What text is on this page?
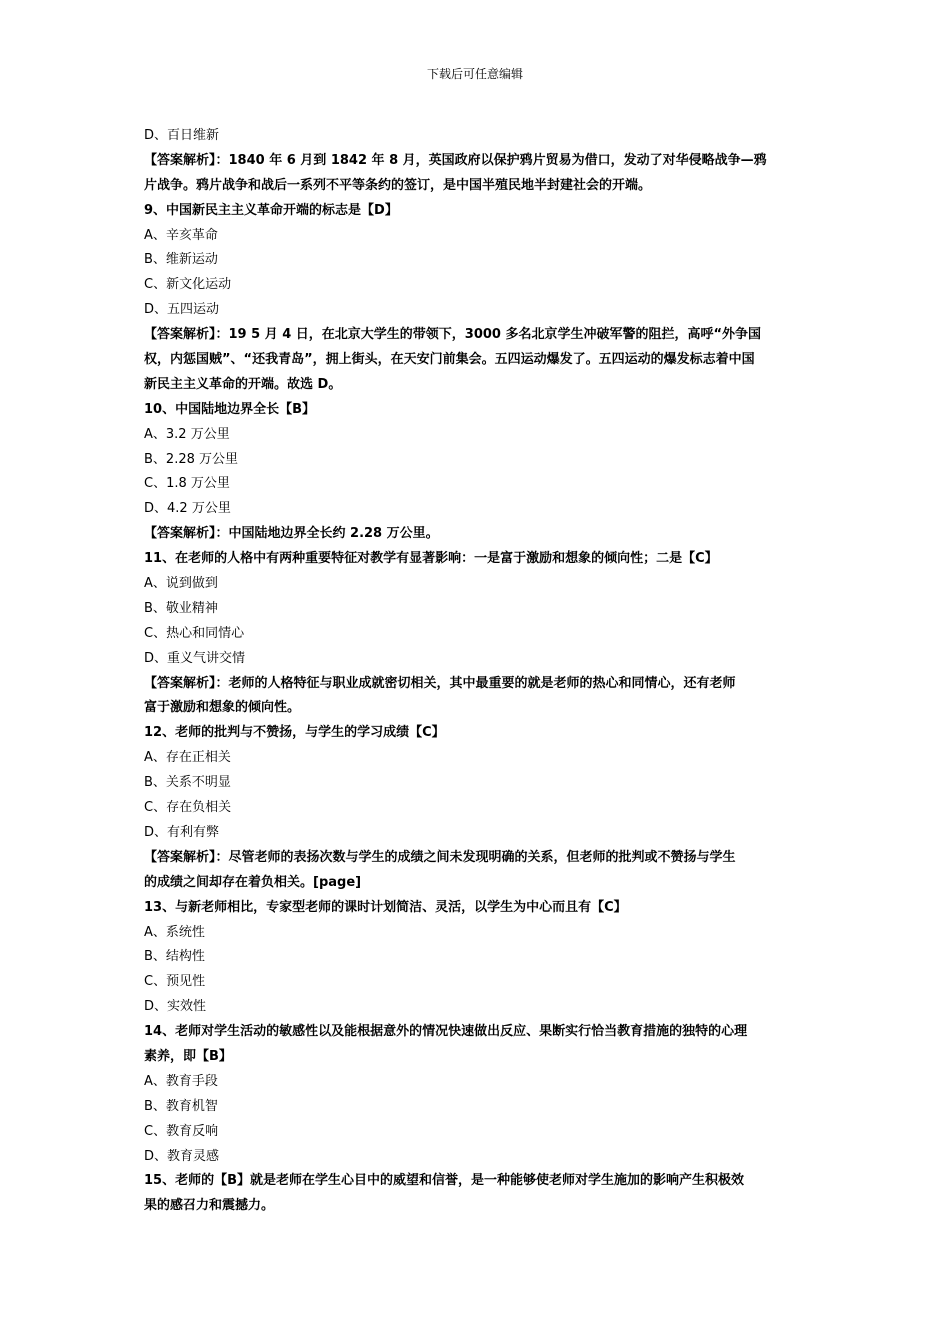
下载后可任意编辑
D、百日维新
【答案解析】：1840 年 6 月到 1842 年 8 月，英国政府以保护鸦片贸易为借口，发动了对华侵略战争—鸦
片战争。鸦片战争和战后一系列不平等条约的签订，是中国半殖民地半封建社会的开端。
9、中国新民主主义革命开端的标志是【D】
A、辛亥革命
B、维新运动
C、新文化运动
D、五四运动
【答案解析】：19 5 月 4 日，在北京大学生的带领下，3000 多名北京学生冲破军警的阻拦，高呼“外争国
权，内惩国贼”、“还我青岛”，拥上街头，在天安门前集会。五四运动爆发了。五四运动的爆发标志着中国
新民主主义革命的开端。故选 D。
10、中国陆地边界全长【B】
A、3.2 万公里
B、2.28 万公里
C、1.8 万公里
D、4.2 万公里
【答案解析】：中国陆地边界全长约 2.28 万公里。
11、在老师的人格中有两种重要特征对教学有显著影响：一是富于激励和想象的倾向性；二是【C】
A、说到做到
B、敬业精神
C、热心和同情心
D、重义气讲交情
【答案解析】：老师的人格特征与职业成就密切相关，其中最重要的就是老师的热心和同情心，还有老师
富于激励和想象的倾向性。
12、老师的批判与不赞扬，与学生的学习成绩【C】
A、存在正相关
B、关系不明显
C、存在负相关
D、有利有弊
【答案解析】：尽管老师的表扬次数与学生的成绩之间未发现明确的关系，但老师的批判或不赞扬与学生
的成绩之间却存在着负相关。[page]
13、与新老师相比，专家型老师的课时计划简洁、灵活，以学生为中心而且有【C】
A、系统性
B、结构性
C、预见性
D、实效性
14、老师对学生活动的敏感性以及能根据意外的情况快速做出反应、果断实行恰当教育措施的独特的心理
素养，即【B】
A、教育手段
B、教育机智
C、教育反响
D、教育灵感
15、老师的【B】就是老师在学生心目中的威望和信誉，是一种能够使老师对学生施加的影响产生积极效
果的感召力和震撼力。
